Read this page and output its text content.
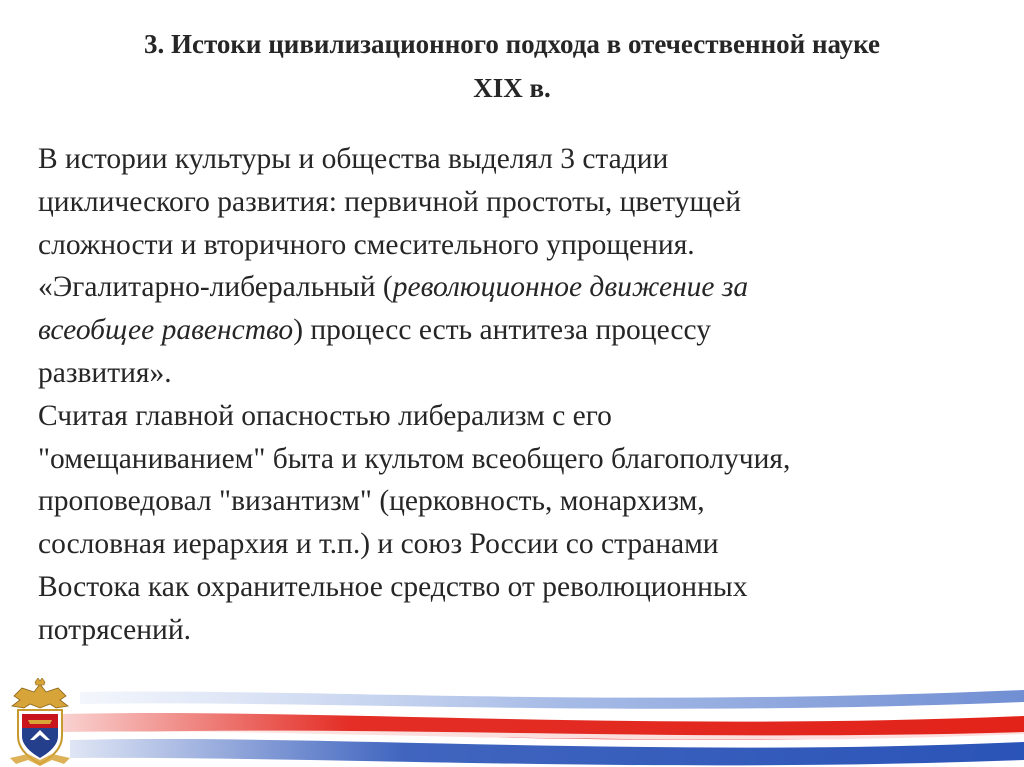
3. Истоки цивилизационного подхода в отечественной науке
XIX в.
В истории культуры и общества выделял 3 стадии
циклического развития: первичной простоты, цветущей
сложности и вторичного смесительного упрощения.
«Эгалитарно-либеральный (революционное движение за
всеобщее равенство) процесс есть антитеза процессу
развития».
Считая главной опасностью либерализм с его
"омещаниванием" быта и культом всеобщего благополучия,
проповедовал "византизм" (церковность, монархизм,
сословная иерархия и т.п.) и союз России со странами
Востока как охранительное средство от революционных
потрясений.
